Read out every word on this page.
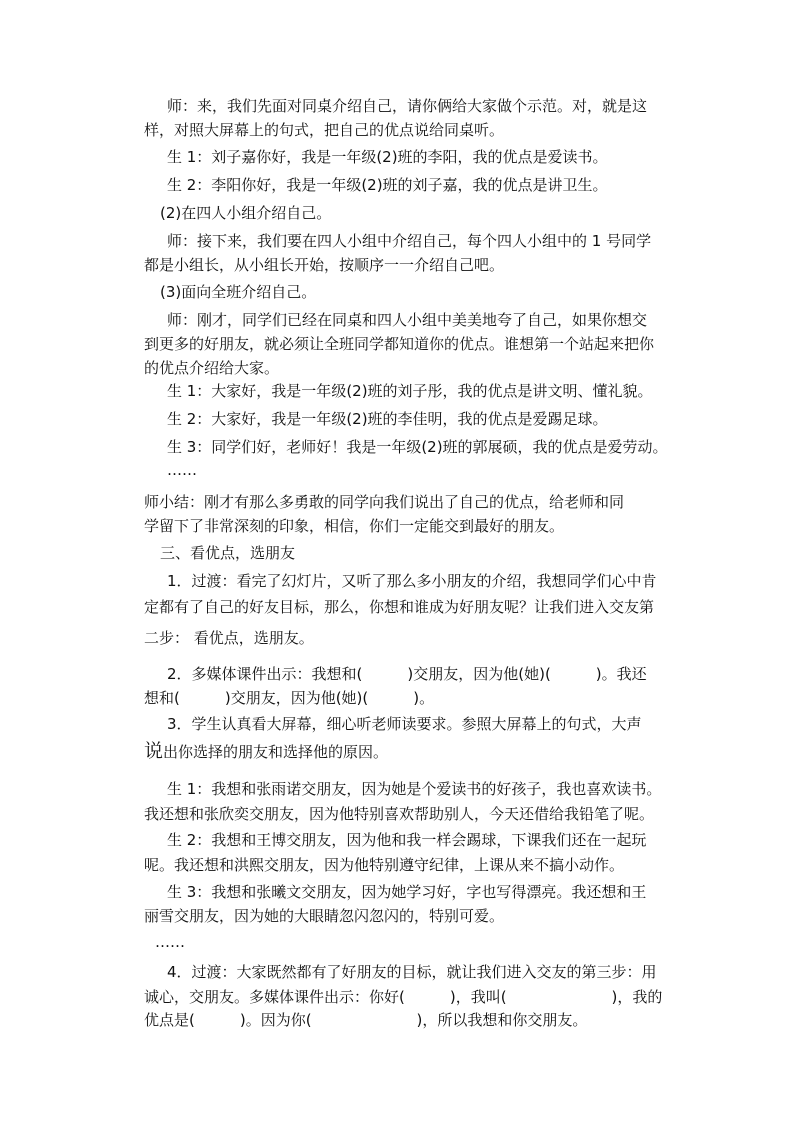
师：来，我们先面对同桌介绍自己，请你俩给大家做个示范。对，就是这
样，对照大屏幕上的句式，把自己的优点说给同桌听。
生 1：刘子嘉你好，我是一年级(2)班的李阳，我的优点是爱读书。
生 2：李阳你好，我是一年级(2)班的刘子嘉，我的优点是讲卫生。
(2)在四人小组介绍自己。
师：接下来，我们要在四人小组中介绍自己，每个四人小组中的 1 号同学
都是小组长，从小组长开始，按顺序一一介绍自己吧。
(3)面向全班介绍自己。
师：刚才，同学们已经在同桌和四人小组中美美地夸了自己，如果你想交
到更多的好朋友，就必须让全班同学都知道你的优点。谁想第一个站起来把你
的优点介绍给大家。
生 1：大家好，我是一年级(2)班的刘子彤，我的优点是讲文明、懂礼貌。
生 2：大家好，我是一年级(2)班的李佳明，我的优点是爱踢足球。
生 3：同学们好，老师好！我是一年级(2)班的郭展硕，我的优点是爱劳动。
……
师小结：刚才有那么多勇敢的同学向我们说出了自己的优点，给老师和同
学留下了非常深刻的印象，相信，你们一定能交到最好的朋友。
三、看优点，选朋友
1．过渡：看完了幻灯片，又听了那么多小朋友的介绍，我想同学们心中肯
定都有了自己的好友目标，那么，你想和谁成为好朋友呢？让我们进入交友第
二步： 看优点，选朋友。
2．多媒体课件出示：我想和(　　　)交朋友，因为他(她)(　　　)。我还
想和(　　　)交朋友，因为他(她)(　　　)。
3．学生认真看大屏幕，细心听老师读要求。参照大屏幕上的句式，大声
说出你选择的朋友和选择他的原因。
生 1：我想和张雨诺交朋友，因为她是个爱读书的好孩子，我也喜欢读书。
我还想和张欣奕交朋友，因为他特别喜欢帮助别人，今天还借给我铅笔了呢。
生 2：我想和王博交朋友，因为他和我一样会踢球，下课我们还在一起玩
呢。我还想和洪熙交朋友，因为他特别遵守纪律，上课从来不搞小动作。
生 3：我想和张曦文交朋友，因为她学习好，字也写得漂亮。我还想和王
丽雪交朋友，因为她的大眼睛忽闪忽闪的，特别可爱。
……
4．过渡：大家既然都有了好朋友的目标，就让我们进入交友的第三步：用
诚心，交朋友。多媒体课件出示：你好(　　　)，我叫(　　　　　　　)，我的
优点是(　　　)。因为你(　　　　　　　)，所以我想和你交朋友。
